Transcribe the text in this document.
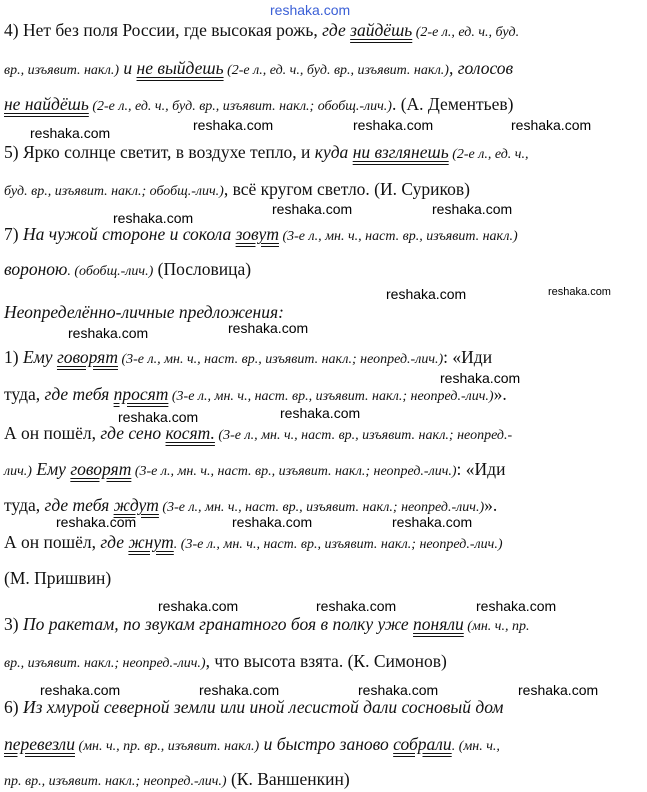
reshaka.com
4) Нет без поля России, где высокая рожь, где зайдёшь (2-е л., ед. ч., буд.
вр., изъявит. накл.) и не выйдешь (2-е л., ед. ч., буд. вр., изъявит. накл.), голосов
не найдёшь (2-е л., ед. ч., буд. вр., изъявит. накл.; обобщ.-лич.). (А. Дементьев)
reshaka.com	reshaka.com	reshaka.com	reshaka.com
5) Ярко солнце светит, в воздухе тепло, и куда ни взглянешь (2-е л., ед. ч.,
буд. вр., изъявит. накл.; обобщ.-лич.), всё кругом светло. (И. Суриков)
reshaka.com
reshaka.com	reshaka.com
7) На чужой стороне и сокола зовут (3-е л., мн. ч., наст. вр., изъявит. накл.)
вороною. (обобщ.-лич.) (Пословица)
reshaka.com	reshaka.com
Неопределённо-личные предложения:
reshaka.com	reshaka.com
1) Ему говорят (3-е л., мн. ч., наст. вр., изъявит. накл.; неопред.-лич.): «Иди
reshaka.com
туда, где тебя просят (3-е л., мн. ч., наст. вр., изъявит. накл.; неопред.-лич.)».
reshaka.com	reshaka.com
А он пошёл, где сено косят. (3-е л., мн. ч., наст. вр., изъявит. накл.; неопред.-
лич.) Ему говорят (3-е л., мн. ч., наст. вр., изъявит. накл.; неопред.-лич.): «Иди
туда, где тебя ждут (3-е л., мн. ч., наст. вр., изъявит. накл.; неопред.-лич.)».
reshaka.com	reshaka.com	reshaka.com
А он пошёл, где жнут. (3-е л., мн. ч., наст. вр., изъявит. накл.; неопред.-лич.)
(М. Пришвин)
reshaka.com	reshaka.com	reshaka.com
3) По ракетам, по звукам гранатного боя в полку уже поняли (мн. ч., пр.
вр., изъявит. накл.; неопред.-лич.), что высота взята. (К. Симонов)
reshaka.com	reshaka.com	reshaka.com	reshaka.com
6) Из хмурой северной земли или иной лесистой дали сосновый дом
перевезли (мн. ч., пр. вр., изъявит. накл.) и быстро заново собрали. (мн. ч.,
пр. вр., изъявит. накл.; неопред.-лич.) (К. Ваншенкин)
